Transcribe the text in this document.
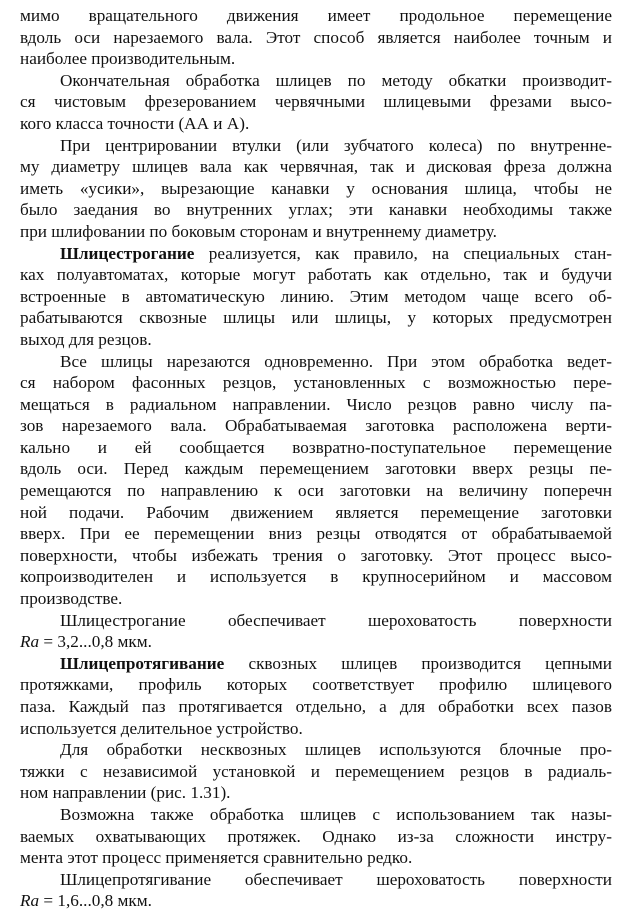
мимо вращательного движения имеет продольное перемещение
вдоль оси нарезаемого вала. Этот способ является наиболее точным и
наиболее производительным.

Окончательная обработка шлицев по методу обкатки производит-
ся чистовым фрезерованием червячными шлицевыми фрезами высо-
кого класса точности (АА и А).

При центрировании втулки (или зубчатого колеса) по внутренне-
му диаметру шлицев вала как червячная, так и дисковая фреза должна
иметь «усики», вырезающие канавки у основания шлица, чтобы не
было заедания во внутренних углах; эти канавки необходимы также
при шлифовании по боковым сторонам и внутреннему диаметру.

Шлицестрогание реализуется, как правило, на специальных стан-
ках полуавтоматах, которые могут работать как отдельно, так и будучи
встроенные в автоматическую линию. Этим методом чаще всего об-
рабатываются сквозные шлицы или шлицы, у которых предусмотрен
выход для резцов.

Все шлицы нарезаются одновременно. При этом обработка ведет-
ся набором фасонных резцов, установленных с возможностью пере-
мещаться в радиальном направлении. Число резцов равно числу па-
зов нарезаемого вала. Обрабатываемая заготовка расположена верти-
кально и ей сообщается возвратно-поступательное перемещение
вдоль оси. Перед каждым перемещением заготовки вверх резцы пе-
ремещаются по направлению к оси заготовки на величину поперечн
ной подачи. Рабочим движением является перемещение заготовки
вверх. При ее перемещении вниз резцы отводятся от обрабатываемой
поверхности, чтобы избежать трения о заготовку. Этот процесс высо-
копроизводителен и используется в крупносерийном и массовом
производстве.

Шлицестрогание обеспечивает шероховатость поверхности
Ra = 3,2...0,8 мкм.

Шлицепротягивание сквозных шлицев производится цепными
протяжками, профиль которых соответствует профилю шлицевого
паза. Каждый паз протягивается отдельно, а для обработки всех пазов
используется делительное устройство.

Для обработки несквозных шлицев используются блочные про-
тяжки с независимой установкой и перемещением резцов в радиаль-
ном направлении (рис. 1.31).

Возможна также обработка шлицев с использованием так назы-
ваемых охватывающих протяжек. Однако из-за сложности инстру-
мента этот процесс применяется сравнительно редко.

Шлицепротягивание обеспечивает шероховатость поверхности
Ra = 1,6...0,8 мкм.
